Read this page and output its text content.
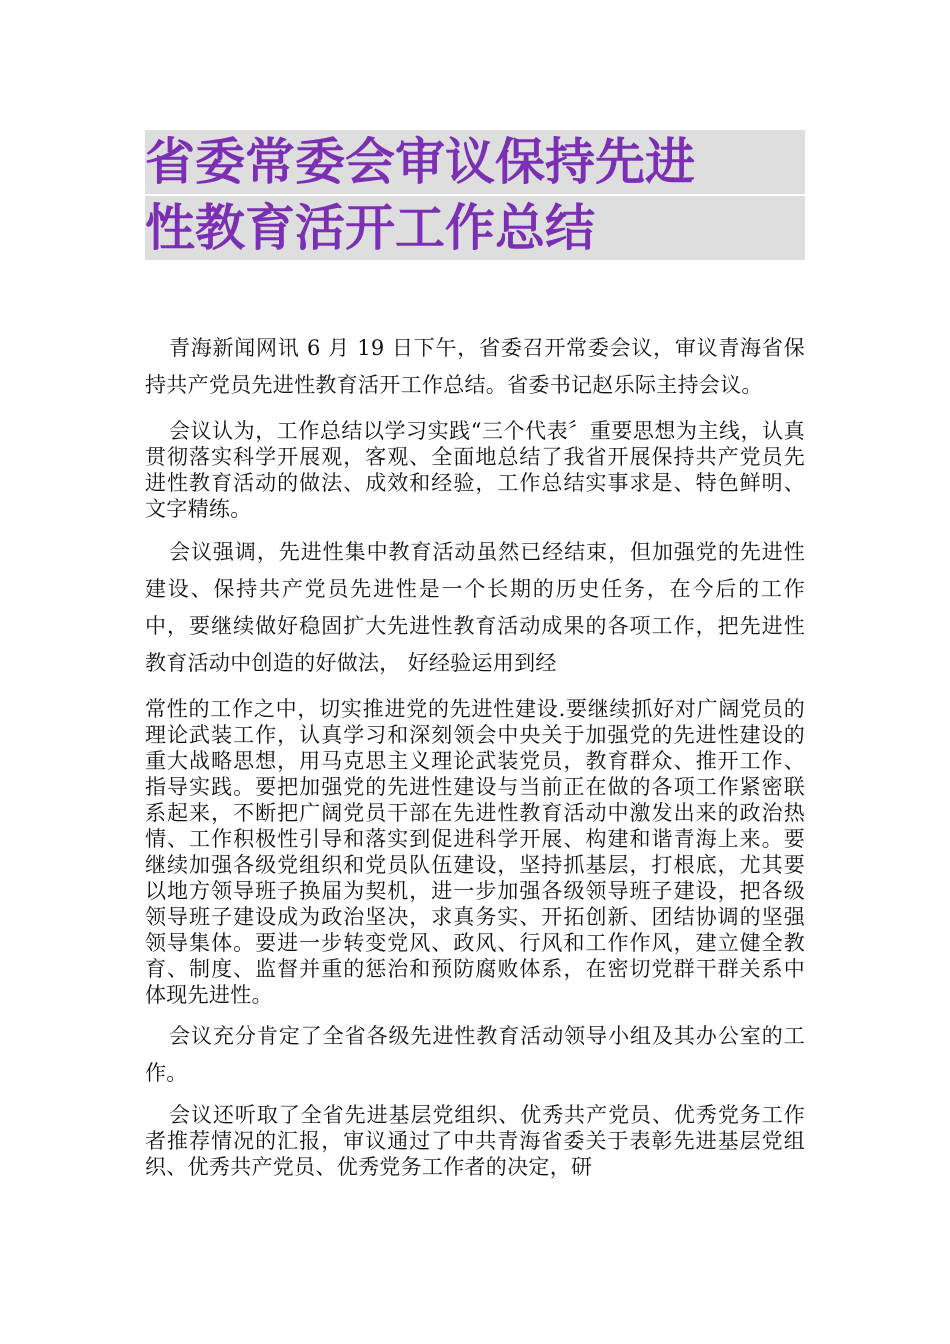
省委常委会审议保持先进
性教育活开工作总结

青海新闻网讯 6 月 19 日下午，省委召开常委会议，审议青海省保持共产党员先进性教育活开工作总结。省委书记赵乐际主持会议。

会议认为，工作总结以学习实践“三个代表〞重要思想为主线，认真贯彻落实科学开展观，客观、全面地总结了我省开展保持共产党员先进性教育活动的做法、成效和经验，工作总结实事求是、特色鲜明、文字精练。

会议强调，先进性集中教育活动虽然已经结束，但加强党的先进性建设、保持共产党员先进性是一个长期的历史任务，在今后的工作中，要继续做好稳固扩大先进性教育活动成果的各项工作，把先进性教育活动中创造的好做法， 好经验运用到经

常性的工作之中，切实推进党的先进性建设.要继续抓好对广阔党员的理论武装工作，认真学习和深刻领会中央关于加强党的先进性建设的重大战略思想，用马克思主义理论武装党员，教育群众、推开工作、指导实践。要把加强党的先进性建设与当前正在做的各项工作紧密联系起来，不断把广阔党员干部在先进性教育活动中激发出来的政治热情、工作积极性引导和落实到促进科学开展、构建和谐青海上来。要继续加强各级党组织和党员队伍建设，坚持抓基层，打根底，尤其要以地方领导班子换届为契机，进一步加强各级领导班子建设，把各级领导班子建设成为政治坚决，求真务实、开拓创新、团结协调的坚强领导集体。要进一步转变党风、政风、行风和工作作风，建立健全教育、制度、监督并重的惩治和预防腐败体系，在密切党群干群关系中体现先进性。

会议充分肯定了全省各级先进性教育活动领导小组及其办公室的工作。

会议还听取了全省先进基层党组织、优秀共产党员、优秀党务工作者推荐情况的汇报，审议通过了中共青海省委关于表彰先进基层党组织、优秀共产党员、优秀党务工作者的决定，研
